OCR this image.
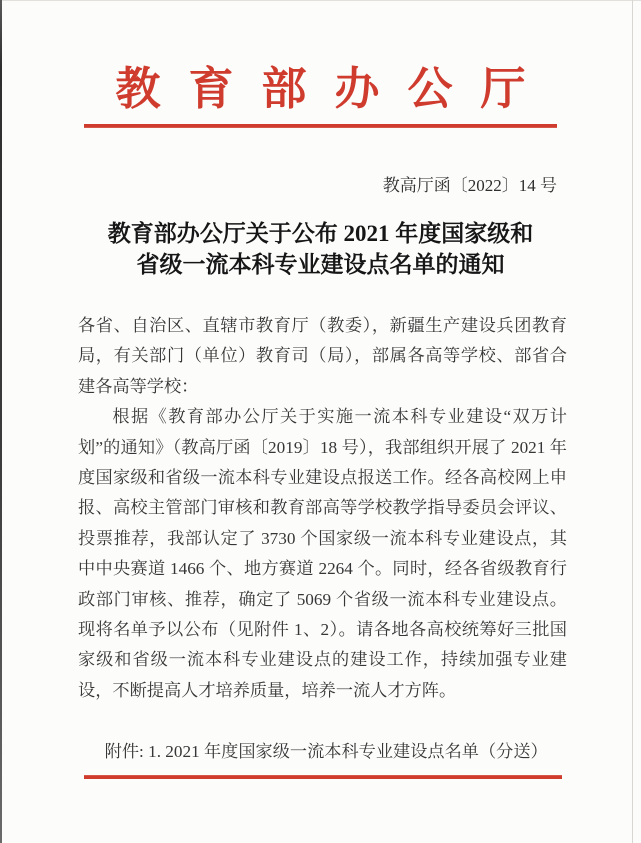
教育部办公厅
教高厅函〔2022〕14 号
教育部办公厅关于公布 2021 年度国家级和
省级一流本科专业建设点名单的通知

各省、自治区、直辖市教育厅（教委），新疆生产建设兵团教育局，有关部门（单位）教育司（局），部属各高等学校、部省合建各高等学校：

根据《教育部办公厅关于实施一流本科专业建设“双万计划”的通知》（教高厅函〔2019〕18 号），我部组织开展了 2021 年度国家级和省级一流本科专业建设点报送工作。经各高校网上申报、高校主管部门审核和教育部高等学校教学指导委员会评议、投票推荐，我部认定了 3730 个国家级一流本科专业建设点，其中中央赛道 1466 个、地方赛道 2264 个。同时，经各省级教育行政部门审核、推荐，确定了 5069 个省级一流本科专业建设点。现将名单予以公布（见附件 1、2）。请各地各高校统筹好三批国家级和省级一流本科专业建设点的建设工作，持续加强专业建设，不断提高人才培养质量，培养一流人才方阵。

附件: 1. 2021 年度国家级一流本科专业建设点名单（分送）
